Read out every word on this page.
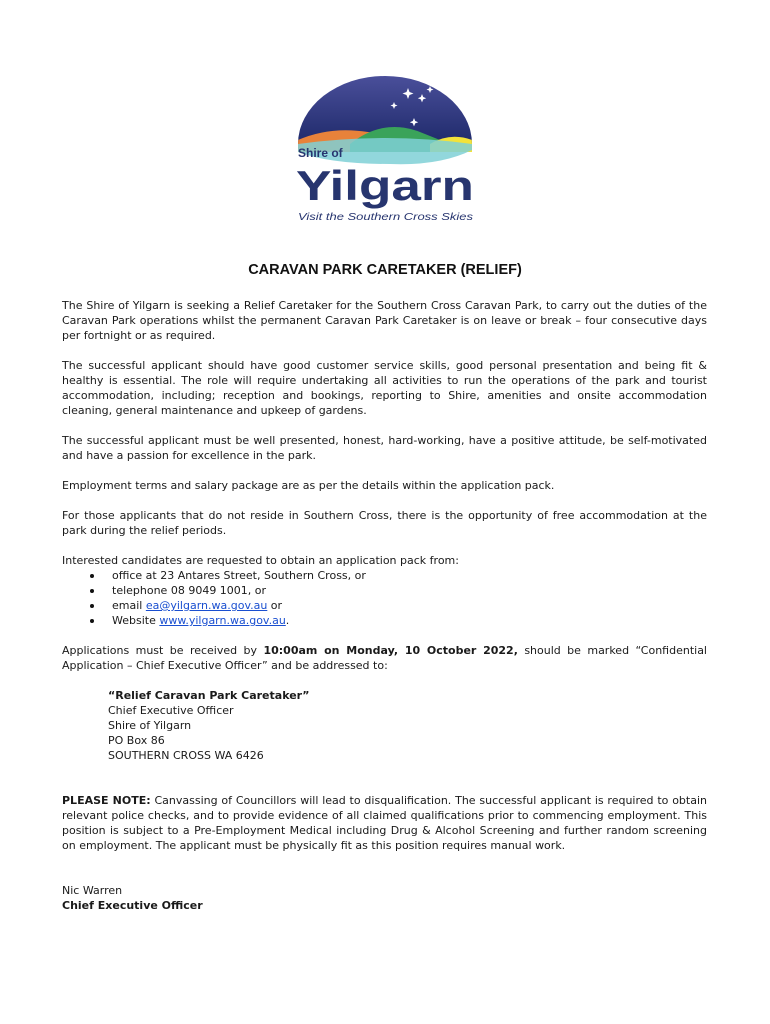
Shire of
Yilgarn
Visit the Southern Cross Skies
CARAVAN PARK CARETAKER (RELIEF)

The Shire of Yilgarn is seeking a Relief Caretaker for the Southern Cross Caravan Park, to carry out the duties of the Caravan Park operations whilst the permanent Caravan Park Caretaker is on leave or break – four consecutive days per fortnight or as required.

The successful applicant should have good customer service skills, good personal presentation and being fit & healthy is essential. The role will require undertaking all activities to run the operations of the park and tourist accommodation, including; reception and bookings, reporting to Shire, amenities and onsite accommodation cleaning, general maintenance and upkeep of gardens.

The successful applicant must be well presented, honest, hard-working, have a positive attitude, be self-motivated and have a passion for excellence in the park.

Employment terms and salary package are as per the details within the application pack.

For those applicants that do not reside in Southern Cross, there is the opportunity of free accommodation at the park during the relief periods.

Interested candidates are requested to obtain an application pack from:

office at 23 Antares Street, Southern Cross, or
telephone 08 9049 1001, or
email ea@yilgarn.wa.gov.au or
Website www.yilgarn.wa.gov.au.

Applications must be received by 10:00am on Monday, 10 October 2022, should be marked “Confidential Application – Chief Executive Officer” and be addressed to:

“Relief Caravan Park Caretaker”
Chief Executive Officer
Shire of Yilgarn
PO Box 86
SOUTHERN CROSS WA 6426

PLEASE NOTE: Canvassing of Councillors will lead to disqualification. The successful applicant is required to obtain relevant police checks, and to provide evidence of all claimed qualifications prior to commencing employment. This position is subject to a Pre-Employment Medical including Drug & Alcohol Screening and further random screening on employment. The applicant must be physically fit as this position requires manual work.

Nic Warren
Chief Executive Officer
